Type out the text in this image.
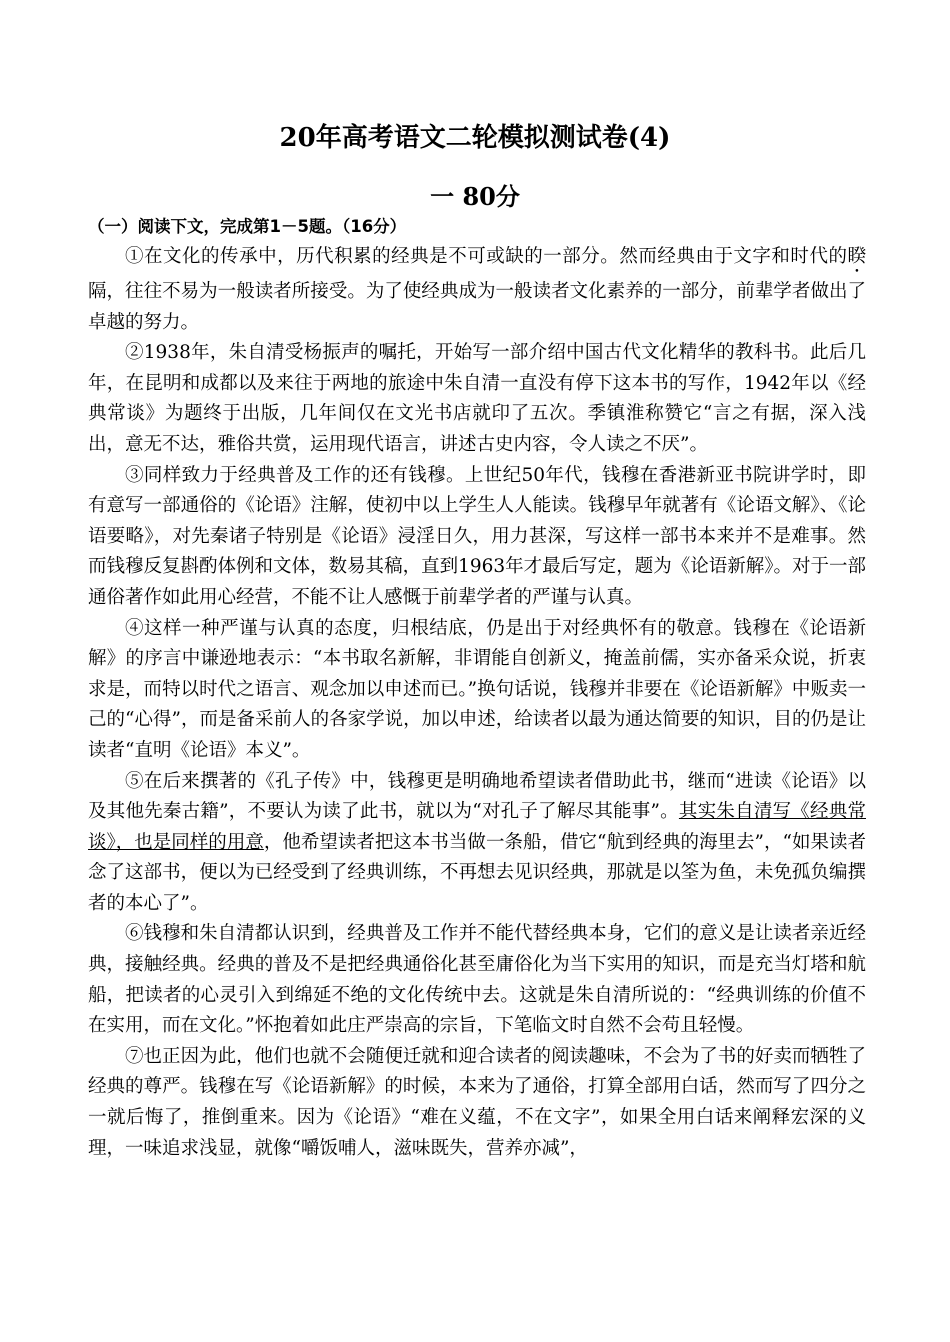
20年高考语文二轮模拟测试卷(4)
一 80分
（一）阅读下文，完成第1－5题。（16分）

①在文化的传承中，历代积累的经典是不可或缺的一部分。然而经典由于文字和时代的睽隔，往往不易为一般读者所接受。为了使经典成为一般读者文化素养的一部分，前辈学者做出了卓越的努力。

②1938年，朱自清受杨振声的嘱托，开始写一部介绍中国古代文化精华的教科书。此后几年，在昆明和成都以及来往于两地的旅途中朱自清一直没有停下这本书的写作，1942年以《经典常谈》为题终于出版，几年间仅在文光书店就印了五次。季镇淮称赞它“言之有据，深入浅出，意无不达，雅俗共赏，运用现代语言，讲述古史内容，令人读之不厌”。

③同样致力于经典普及工作的还有钱穆。上世纪50年代，钱穆在香港新亚书院讲学时，即有意写一部通俗的《论语》注解，使初中以上学生人人能读。钱穆早年就著有《论语文解》、《论语要略》，对先秦诸子特别是《论语》浸淫日久，用力甚深，写这样一部书本来并不是难事。然而钱穆反复斟酌体例和文体，数易其稿，直到1963年才最后写定，题为《论语新解》。对于一部通俗著作如此用心经营，不能不让人感慨于前辈学者的严谨与认真。

④这样一种严谨与认真的态度，归根结底，仍是出于对经典怀有的敬意。钱穆在《论语新解》的序言中谦逊地表示：“本书取名新解，非谓能自创新义，掩盖前儒，实亦备采众说，折衷求是，而特以时代之语言、观念加以申述而已。”换句话说，钱穆并非要在《论语新解》中贩卖一己的“心得”，而是备采前人的各家学说，加以申述，给读者以最为通达简要的知识，目的仍是让读者“直明《论语》本义”。

⑤在后来撰著的《孔子传》中，钱穆更是明确地希望读者借助此书，继而“进读《论语》以及其他先秦古籍”，不要认为读了此书，就以为“对孔子了解尽其能事”。其实朱自清写《经典常谈》，也是同样的用意，他希望读者把这本书当做一条船，借它“航到经典的海里去”，“如果读者念了这部书，便以为已经受到了经典训练，不再想去见识经典，那就是以筌为鱼，未免孤负编撰者的本心了”。

⑥钱穆和朱自清都认识到，经典普及工作并不能代替经典本身，它们的意义是让读者亲近经典，接触经典。经典的普及不是把经典通俗化甚至庸俗化为当下实用的知识，而是充当灯塔和航船，把读者的心灵引入到绵延不绝的文化传统中去。这就是朱自清所说的：“经典训练的价值不在实用，而在文化。”怀抱着如此庄严崇高的宗旨，下笔临文时自然不会苟且轻慢。

⑦也正因为此，他们也就不会随便迁就和迎合读者的阅读趣味，不会为了书的好卖而牺牲了经典的尊严。钱穆在写《论语新解》的时候，本来为了通俗，打算全部用白话，然而写了四分之一就后悔了，推倒重来。因为《论语》“难在义蕴，不在文字”，如果全用白话来阐释宏深的义理，一味追求浅显，就像“嚼饭哺人，滋味既失，营养亦减”，
